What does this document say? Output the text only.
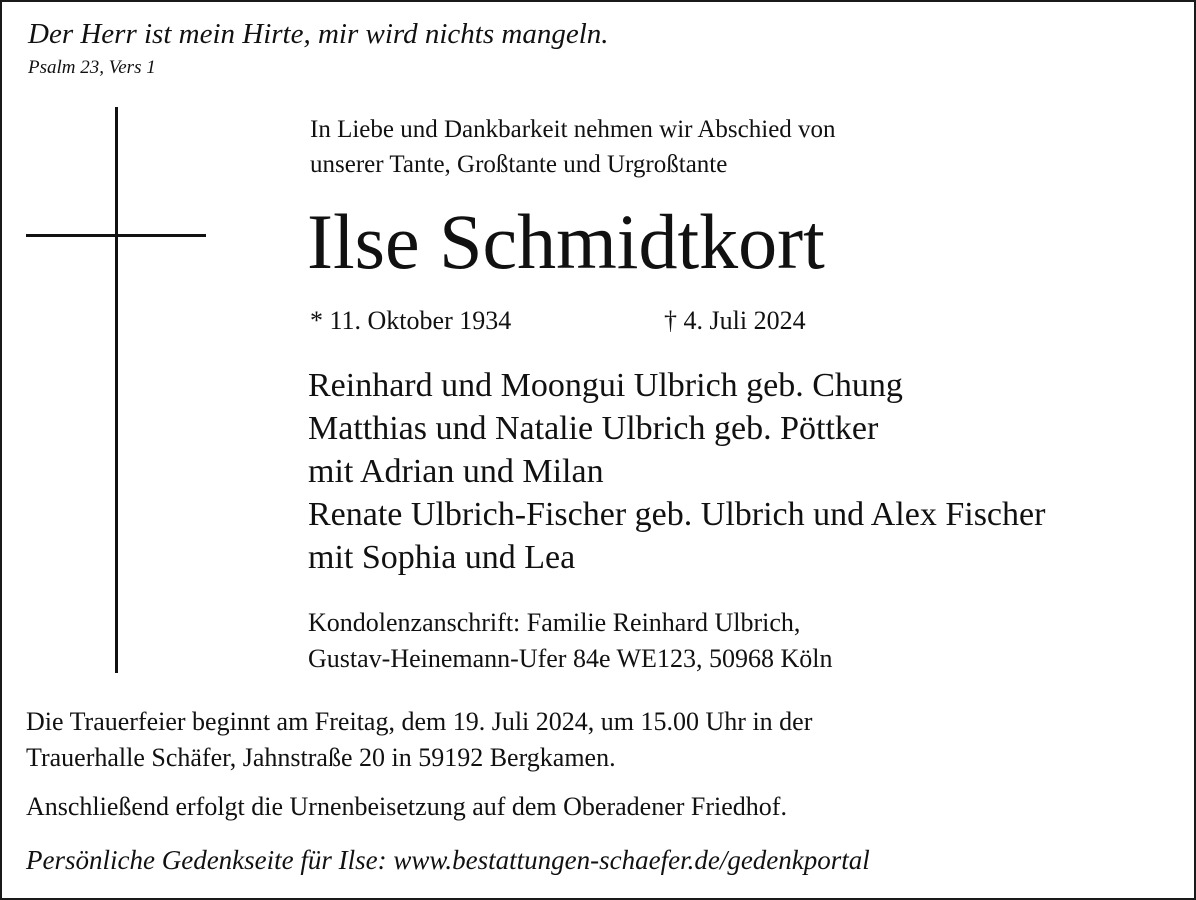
Der Herr ist mein Hirte, mir wird nichts mangeln.
Psalm 23, Vers 1
In Liebe und Dankbarkeit nehmen wir Abschied von
unserer Tante, Großtante und Urgroßtante
Ilse Schmidtkort
* 11. Oktober 1934	† 4. Juli 2024
Reinhard und Moongui Ulbrich geb. Chung
Matthias und Natalie Ulbrich geb. Pöttker
mit Adrian und Milan
Renate Ulbrich-Fischer geb. Ulbrich und Alex Fischer
mit Sophia und Lea
Kondolenzanschrift: Familie Reinhard Ulbrich,
Gustav-Heinemann-Ufer 84e WE123, 50968 Köln
Die Trauerfeier beginnt am Freitag, dem 19. Juli 2024, um 15.00 Uhr in der
Trauerhalle Schäfer, Jahnstraße 20 in 59192 Bergkamen.
Anschließend erfolgt die Urnenbeisetzung auf dem Oberadener Friedhof.
Persönliche Gedenkseite für Ilse: www.bestattungen-schaefer.de/gedenkportal
